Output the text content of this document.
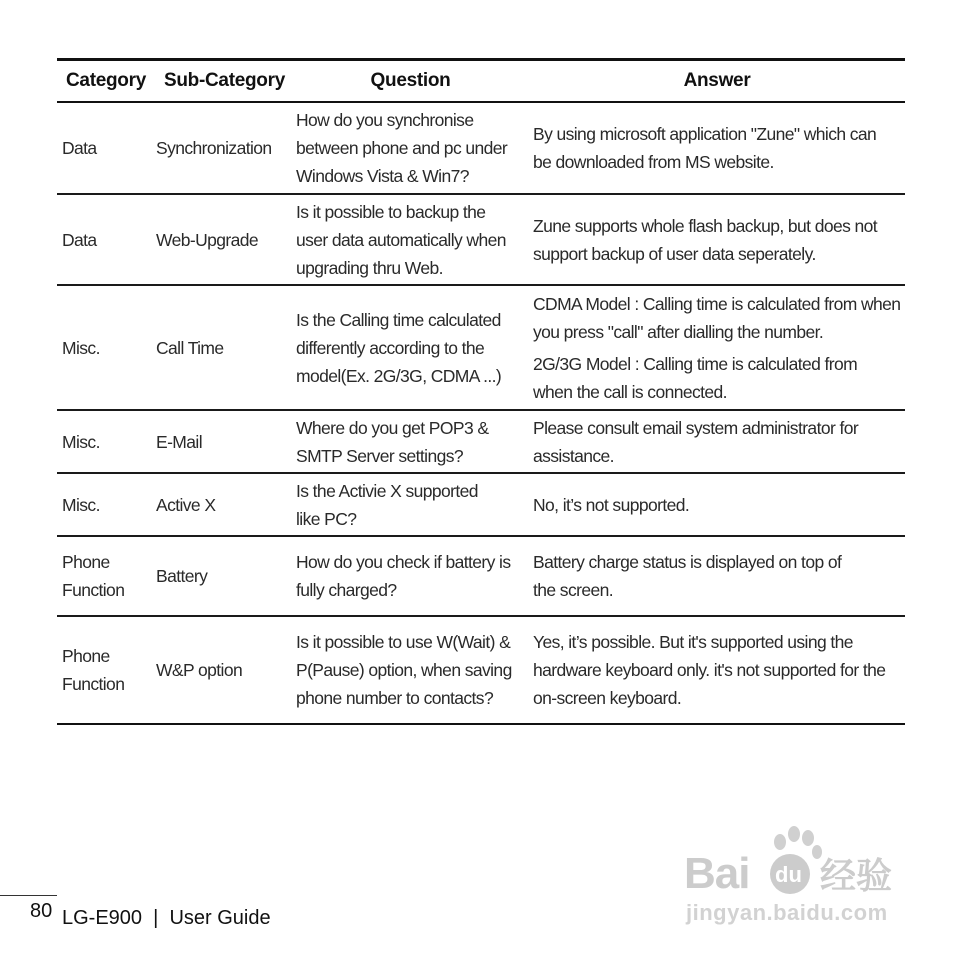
Category	Sub-Category	Question	Answer

Data	Synchronization	How do you synchronise
between phone and pc under
Windows Vista & Win7?	By using microsoft application "Zune" which can
be downloaded from MS website.

Data	Web-Upgrade	Is it possible to backup the
user data automatically when
upgrading thru Web.	Zune supports whole flash backup, but does not
support backup of user data seperately.

Misc.	Call Time	Is the Calling time calculated
differently according to the
model(Ex. 2G/3G, CDMA ...)	CDMA Model : Calling time is calculated from when
you press "call" after dialling the number.
2G/3G Model : Calling time is calculated from
when the call is connected.

Misc.	E-Mail	Where do you get POP3 &
SMTP Server settings?	Please consult email system administrator for
assistance.

Misc.	Active X	Is the Activie X supported
like PC?	No, it’s not supported.

Phone
Function	Battery	How do you check if battery is
fully charged?	Battery charge status is displayed on top of
the screen.

Phone
Function	W&P option	Is it possible to use W(Wait) &
P(Pause) option, when saving
phone number to contacts?	Yes, it’s possible. But it's supported using the
hardware keyboard only. it's not supported for the
on-screen keyboard.
80 LG-E900  |  User Guide
Bai du 经验
jingyan.baidu.com
